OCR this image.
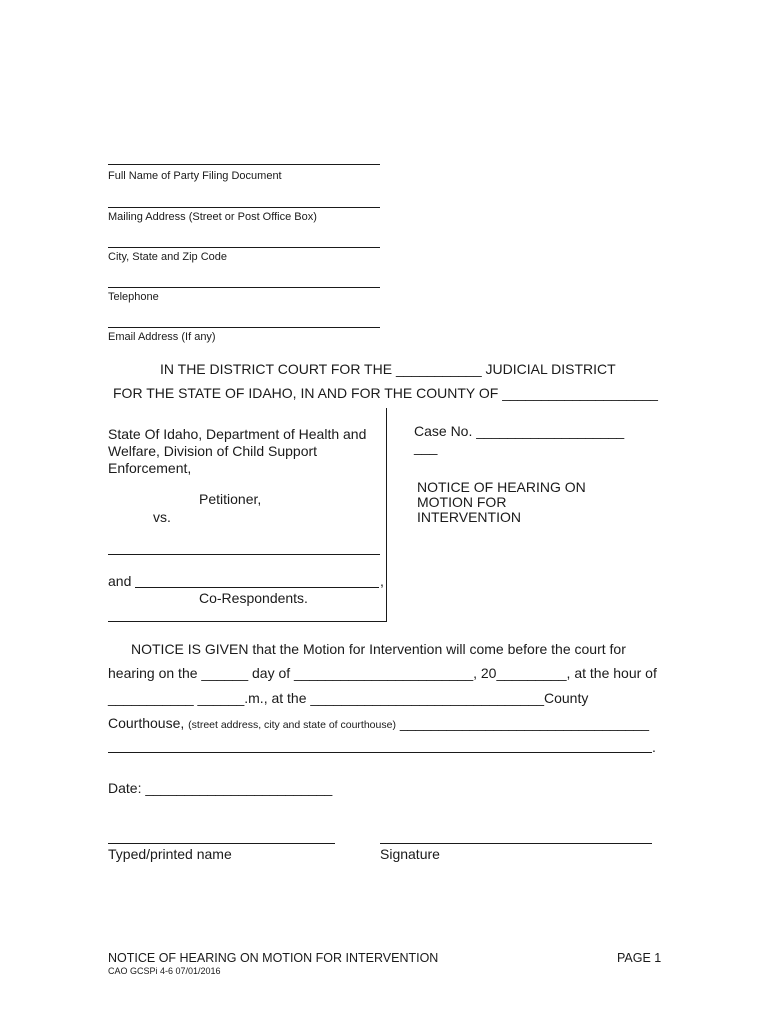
Full Name of Party Filing Document
Mailing Address (Street or Post Office Box)
City, State and Zip Code
Telephone
Email Address (If any)
IN THE DISTRICT COURT FOR THE ___________ JUDICIAL DISTRICT
FOR THE STATE OF IDAHO, IN AND FOR THE COUNTY OF ____________________
State Of Idaho, Department of Health and Welfare, Division of Child Support Enforcement,
Petitioner,
vs.
and	,
Co-Respondents.
Case No. ___________________
___
NOTICE OF HEARING ON MOTION FOR INTERVENTION
NOTICE IS GIVEN that the Motion for Intervention will come before the court for
hearing on the ______ day of _______________________, 20_________, at the hour of
___________ ______.m., at the ______________________________County
Courthouse, (street address, city and state of courthouse) ________________________________
.
Date: ________________________
Typed/printed name	Signature
NOTICE OF HEARING ON MOTION FOR INTERVENTION	PAGE 1
CAO GCSPi 4-6 07/01/2016
